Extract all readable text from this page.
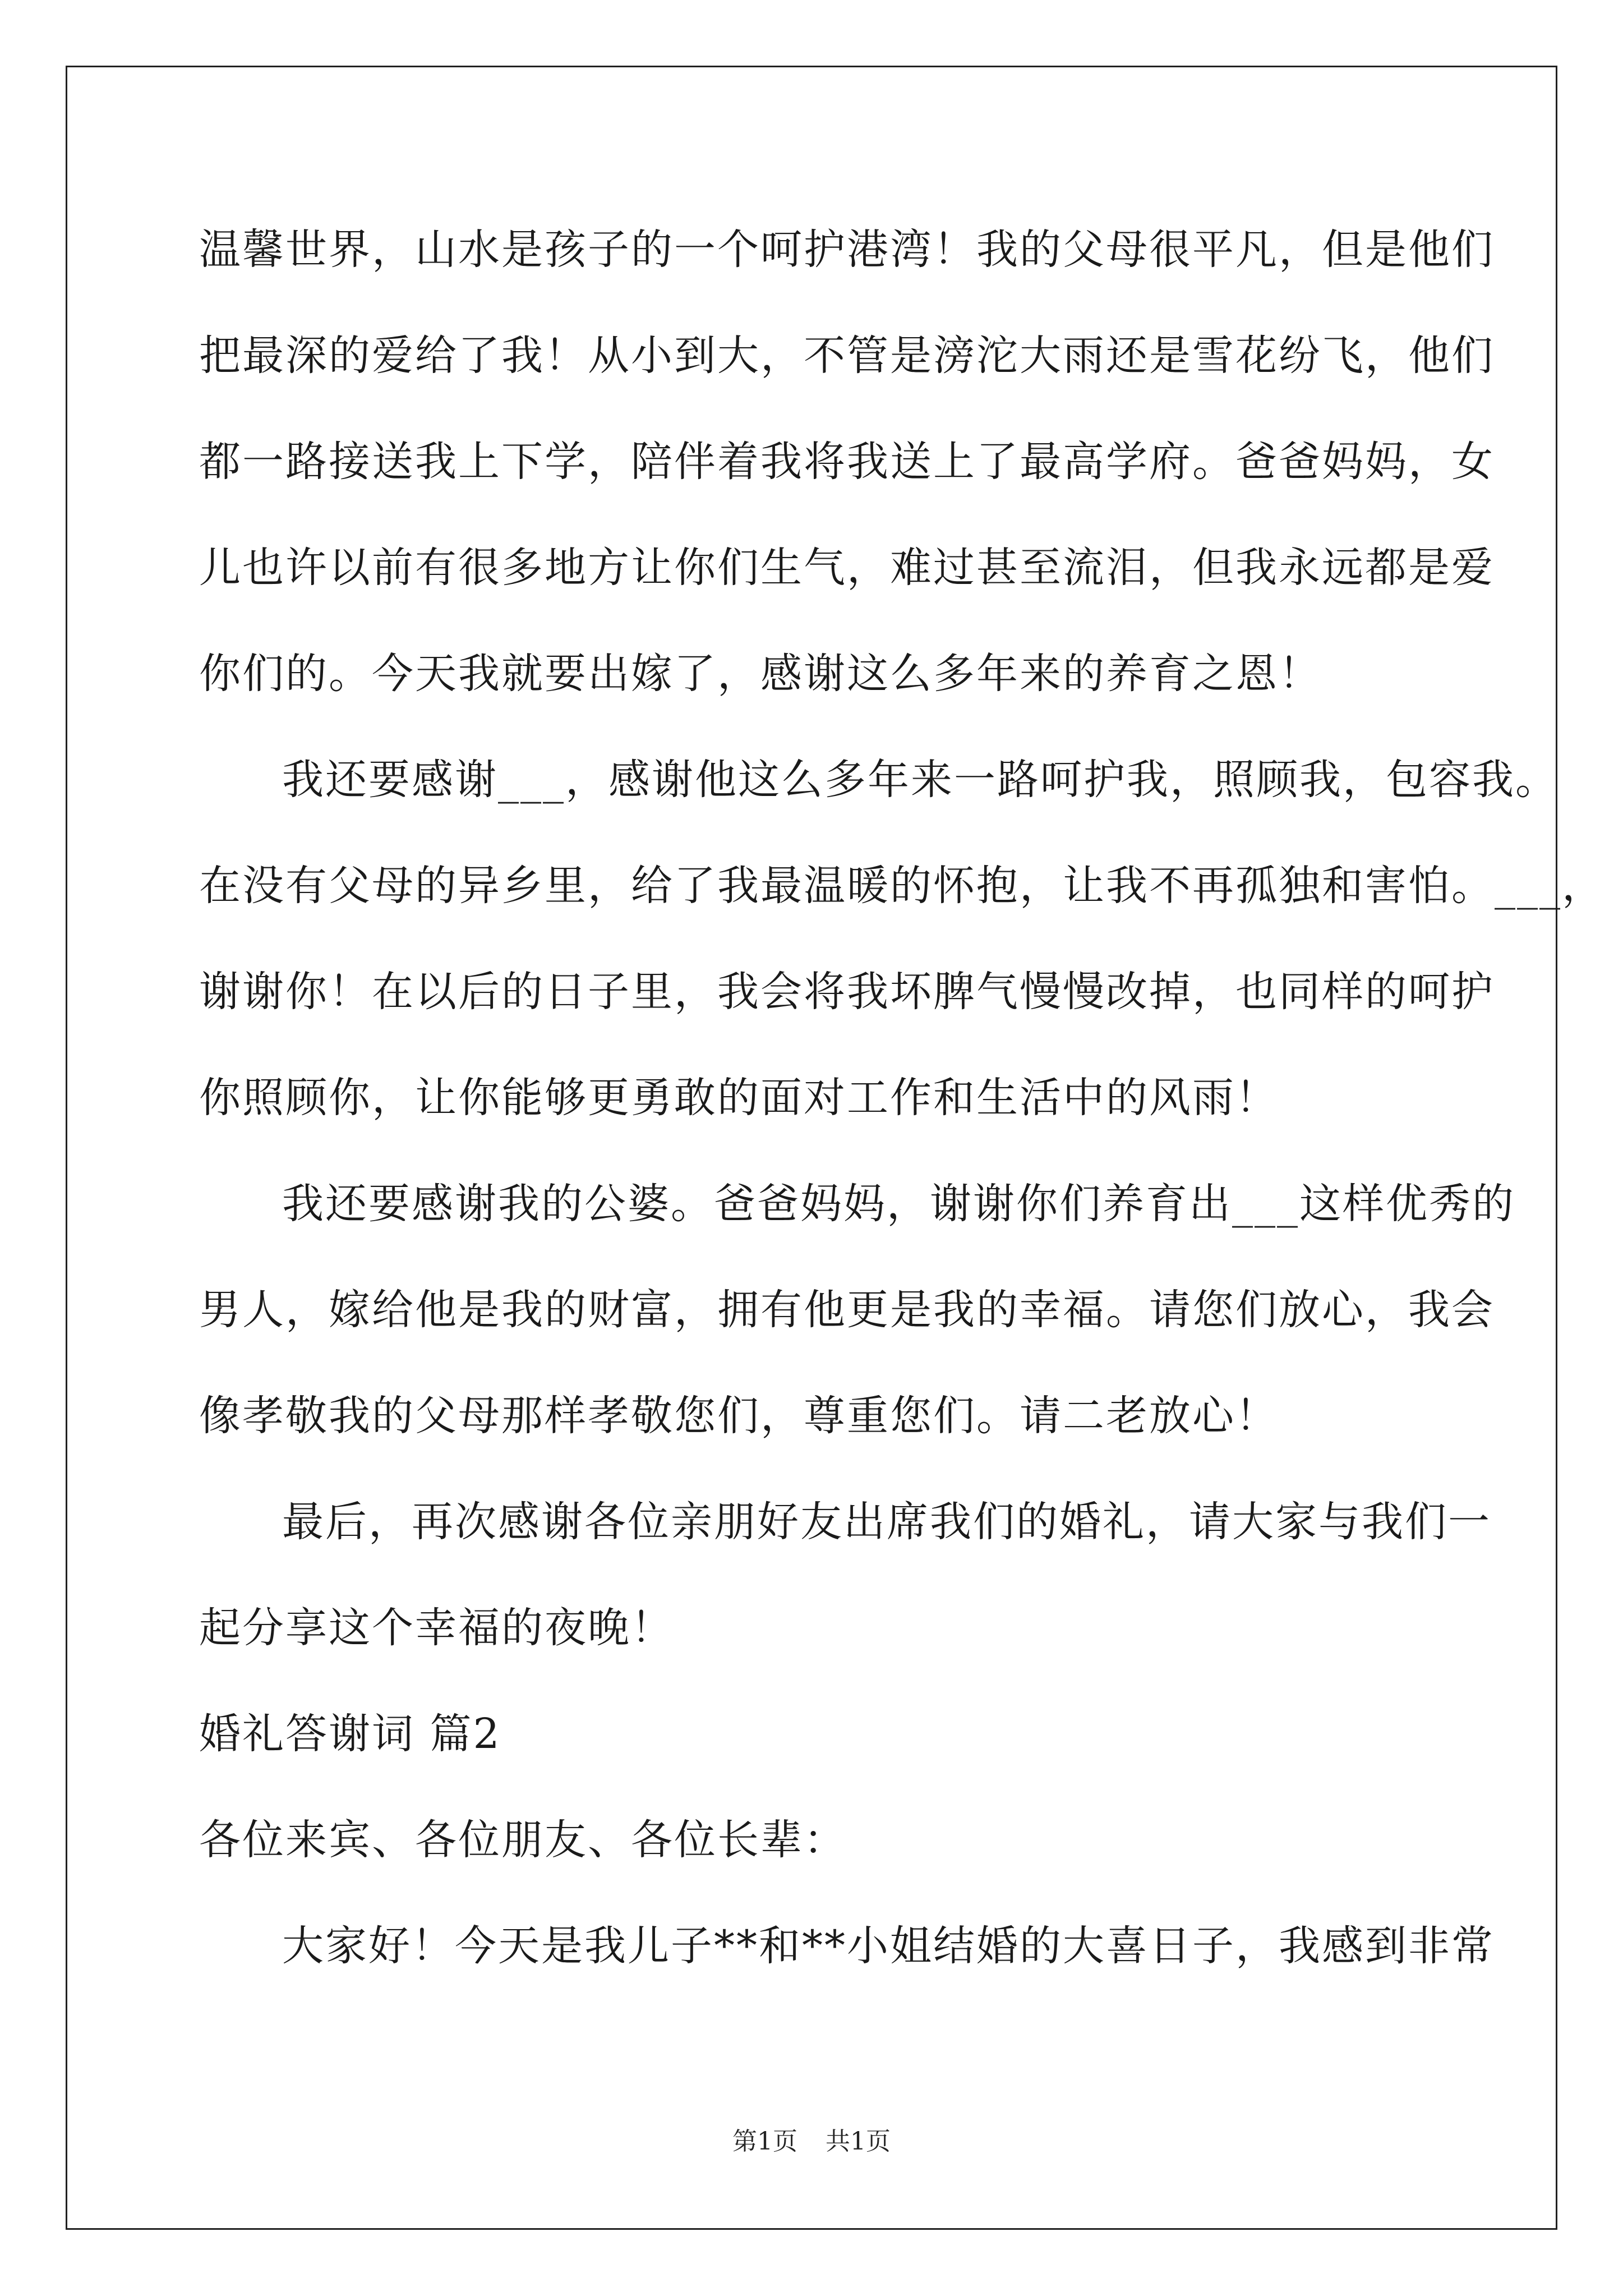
温馨世界，山水是孩子的一个呵护港湾！我的父母很平凡，但是他们
把最深的爱给了我！从小到大，不管是滂沱大雨还是雪花纷飞，他们
都一路接送我上下学，陪伴着我将我送上了最高学府。爸爸妈妈，女
儿也许以前有很多地方让你们生气，难过甚至流泪，但我永远都是爱
你们的。今天我就要出嫁了，感谢这么多年来的养育之恩！
我还要感谢___，感谢他这么多年来一路呵护我，照顾我，包容我。
在没有父母的异乡里，给了我最温暖的怀抱，让我不再孤独和害怕。___，
谢谢你！在以后的日子里，我会将我坏脾气慢慢改掉，也同样的呵护
你照顾你，让你能够更勇敢的面对工作和生活中的风雨！
我还要感谢我的公婆。爸爸妈妈，谢谢你们养育出___这样优秀的
男人，嫁给他是我的财富，拥有他更是我的幸福。请您们放心，我会
像孝敬我的父母那样孝敬您们，尊重您们。请二老放心！
最后，再次感谢各位亲朋好友出席我们的婚礼，请大家与我们一
起分享这个幸福的夜晚！
婚礼答谢词 篇2
各位来宾、各位朋友、各位长辈：
大家好！今天是我儿子**和**小姐结婚的大喜日子，我感到非常
第1页 共1页
